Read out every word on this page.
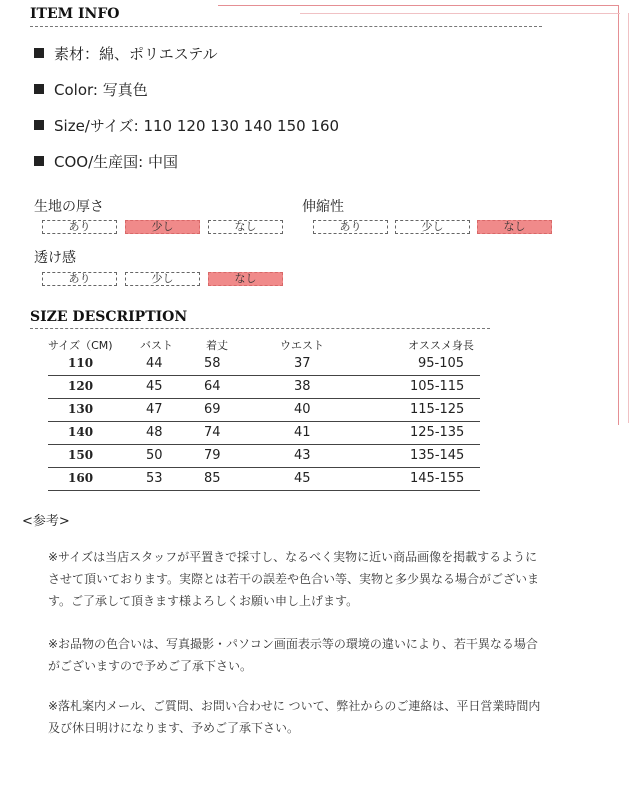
ITEM INFO
素材：綿、ポリエステル
Color: 写真色
Size/サイズ: 110 120 130 140 150 160
COO/生産国: 中国
生地の厚さ
あり	少し	なし
伸縮性
あり	少し	なし
透け感
あり	少し	なし
SIZE DESCRIPTION
サイズ（CM) バスト	着丈	ウエスト	オススメ身長
110	44	58	37	95-105
120	45	64	38	105-115
130	47	69	40	115-125
140	48	74	41	125-135
150	50	79	43	135-145
160	53	85	45	145-155
<参考>
※サイズは当店スタッフが平置きで採寸し、なるべく実物に近い商品画像を掲載するようにさせて頂いております。実際とは若干の誤差や色合い等、実物と多少異なる場合がございます。ご了承して頂きます様よろしくお願い申し上げます。
※お品物の色合いは、写真撮影・パソコン画面表示等の環境の違いにより、若干異なる場合がございますので予めご了承下さい。
※落札案内メール、ご質問、お問い合わせに ついて、弊社からのご連絡は、平日営業時間内及び休日明けになります、予めご了承下さい。
